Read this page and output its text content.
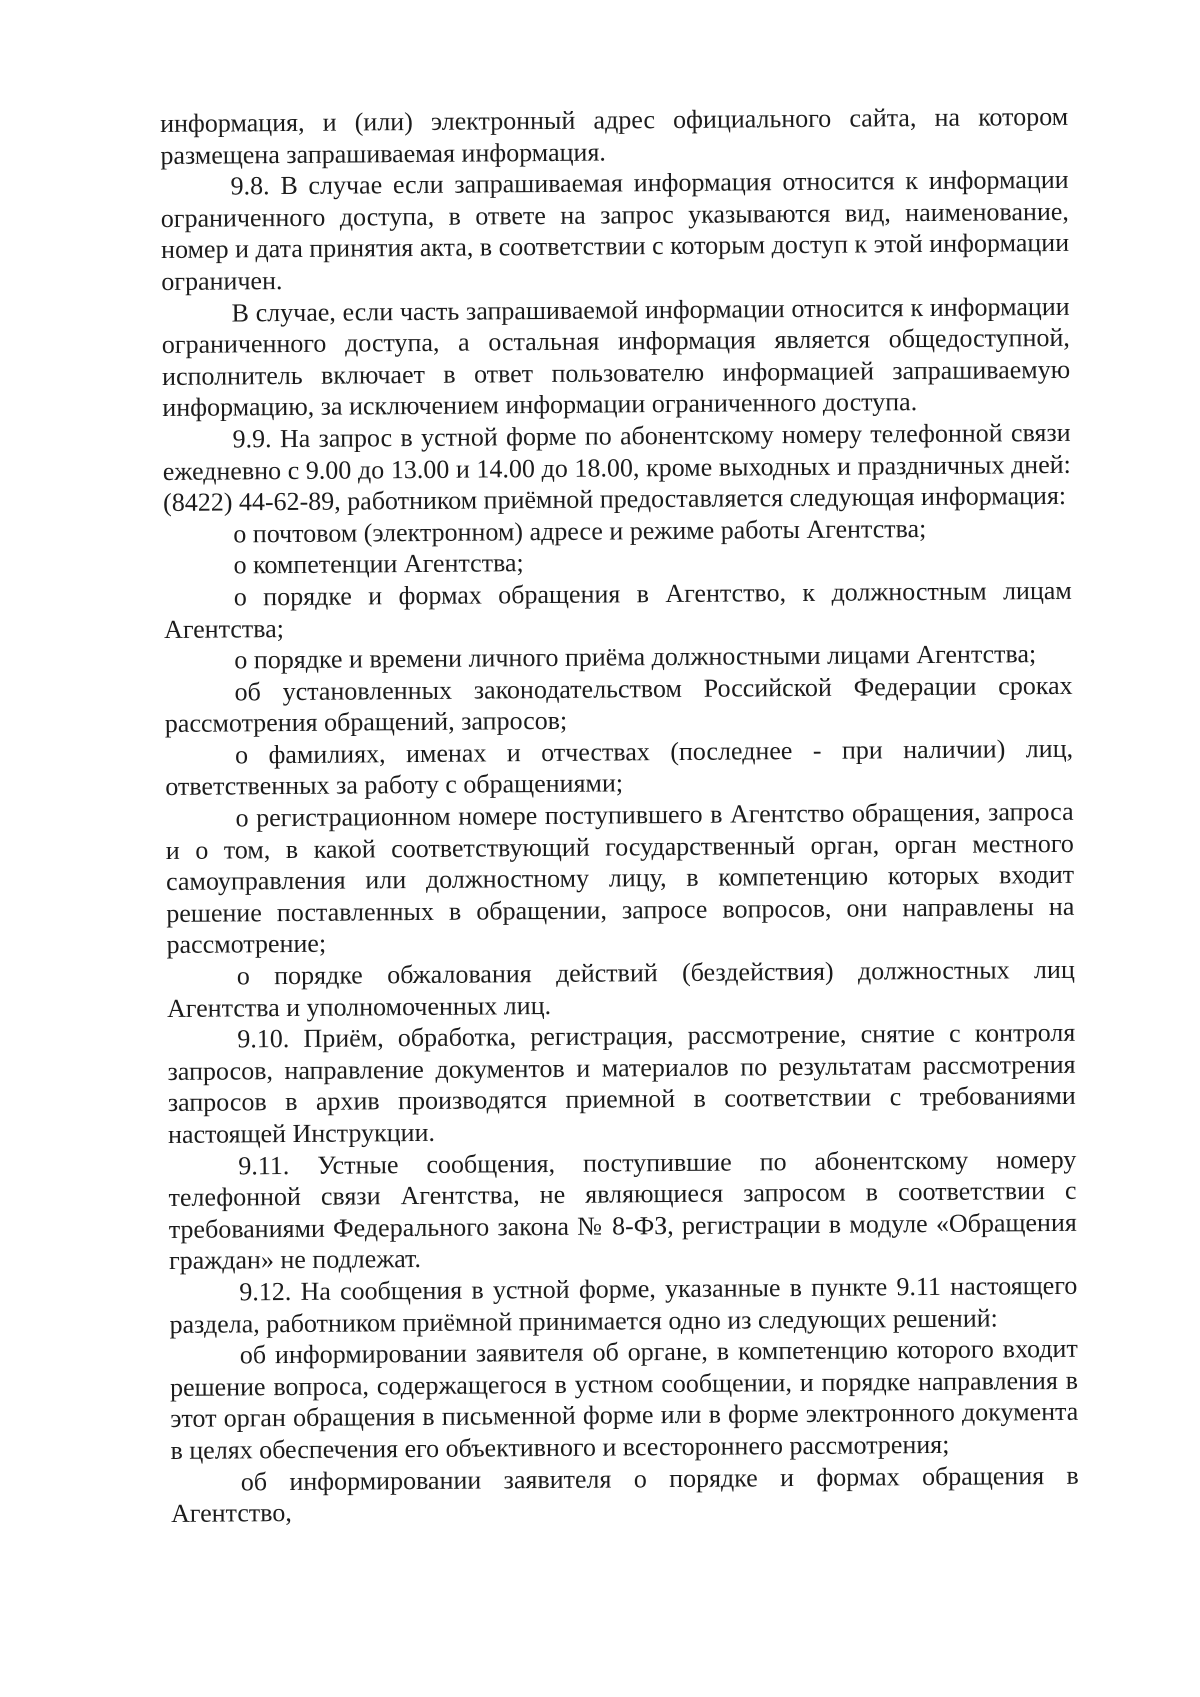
информация, и (или) электронный адрес официального сайта, на котором размещена запрашиваемая информация.

9.8. В случае если запрашиваемая информация относится к информации ограниченного доступа, в ответе на запрос указываются вид, наименование, номер и дата принятия акта, в соответствии с которым доступ к этой информации ограничен.

В случае, если часть запрашиваемой информации относится к информации ограниченного доступа, а остальная информация является общедоступной, исполнитель включает в ответ пользователю информацией запрашиваемую информацию, за исключением информации ограниченного доступа.

9.9. На запрос в устной форме по абонентскому номеру телефонной связи ежедневно с 9.00 до 13.00 и 14.00 до 18.00, кроме выходных и праздничных дней: (8422) 44-62-89, работником приёмной предоставляется следующая информация:

о почтовом (электронном) адресе и режиме работы Агентства;

о компетенции Агентства;

о порядке и формах обращения в Агентство, к должностным лицам Агентства;

о порядке и времени личного приёма должностными лицами Агентства;

об установленных законодательством Российской Федерации сроках рассмотрения обращений, запросов;

о фамилиях, именах и отчествах (последнее - при наличии) лиц, ответственных за работу с обращениями;

о регистрационном номере поступившего в Агентство обращения, запроса и о том, в какой соответствующий государственный орган, орган местного самоуправления или должностному лицу, в компетенцию которых входит решение поставленных в обращении, запросе вопросов, они направлены на рассмотрение;

о порядке обжалования действий (бездействия) должностных лиц Агентства и уполномоченных лиц.

9.10. Приём, обработка, регистрация, рассмотрение, снятие с контроля запросов, направление документов и материалов по результатам рассмотрения запросов в архив производятся приемной в соответствии с требованиями настоящей Инструкции.

9.11. Устные сообщения, поступившие по абонентскому номеру телефонной связи Агентства, не являющиеся запросом в соответствии с требованиями Федерального закона № 8-ФЗ, регистрации в модуле «Обращения граждан» не подлежат.

9.12. На сообщения в устной форме, указанные в пункте 9.11 настоящего раздела, работником приёмной принимается одно из следующих решений:

об информировании заявителя об органе, в компетенцию которого входит решение вопроса, содержащегося в устном сообщении, и порядке направления в этот орган обращения в письменной форме или в форме электронного документа в целях обеспечения его объективного и всестороннего рассмотрения;

об информировании заявителя о порядке и формах обращения в Агентство,
